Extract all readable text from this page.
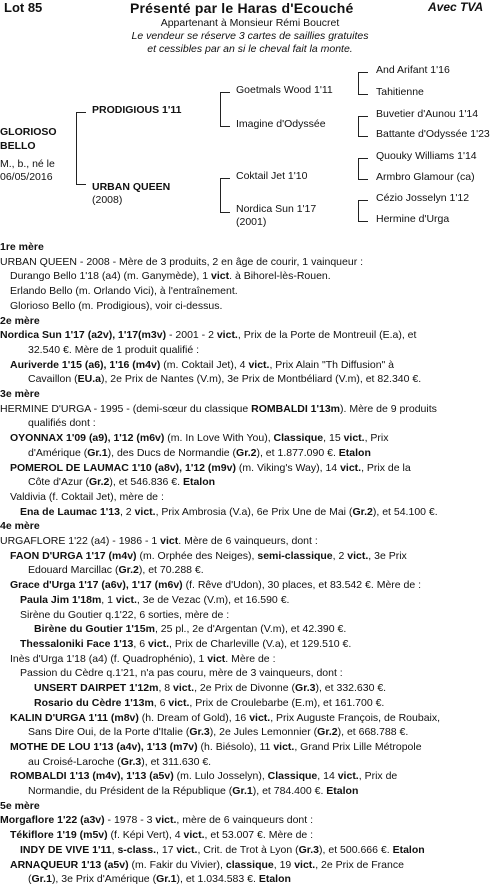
Lot 85	Présenté par le Haras d'Ecouché	Avec TVA
Appartenant à Monsieur Rémi Boucret
Le vendeur se réserve 3 cartes de saillies gratuites
et cessibles par an si le cheval fait la monte.
GLORIOSO
BELLO
M., b., né le
06/05/2016
PRODIGIOUS 1'11
URBAN QUEEN
(2008)
Goetmals Wood 1'11
Imagine d'Odyssée
Coktail Jet 1'10
Nordica Sun 1'17
(2001)
And Arifant 1'16
Tahitienne
Buvetier d'Aunou 1'14
Battante d'Odyssée 1'23
Quouky Williams 1'14
Armbro Glamour (ca)
Cézio Josselyn 1'12
Hermine d'Urga
1re mère
URBAN QUEEN - 2008 - Mère de 3 produits, 2 en âge de courir, 1 vainqueur :
Durango Bello 1'18 (a4) (m. Ganymède), 1 vict. à Bihorel-lès-Rouen.
Erlando Bello (m. Orlando Vici), à l'entraînement.
Glorioso Bello (m. Prodigious), voir ci-dessus.
2e mère
Nordica Sun 1'17 (a2v), 1'17(m3v) - 2001 - 2 vict., Prix de la Porte de Montreuil (E.a), et
32.540 €. Mère de 1 produit qualifié :
Auriverde 1'15 (a6), 1'16 (m4v) (m. Coktail Jet), 4 vict., Prix Alain "Th Diffusion" à
Cavaillon (EU.a), 2e Prix de Nantes (V.m), 3e Prix de Montbéliard (V.m), et 82.340 €.
3e mère
HERMINE D'URGA - 1995 - (demi-sœur du classique ROMBALDI 1'13m). Mère de 9 produits
qualifiés dont :
OYONNAX 1'09 (a9), 1'12 (m6v) (m. In Love With You), Classique, 15 vict., Prix
d'Amérique (Gr.1), des Ducs de Normandie (Gr.2), et 1.877.090 €. Etalon
POMEROL DE LAUMAC 1'10 (a8v), 1'12 (m9v) (m. Viking's Way), 14 vict., Prix de la
Côte d'Azur (Gr.2), et 546.836 €. Etalon
Valdivia (f. Coktail Jet), mère de :
Ena de Laumac 1'13, 2 vict., Prix Ambrosia (V.a), 6e Prix Une de Mai (Gr.2), et 54.100 €.
4e mère
URGAFLORE 1'22 (a4) - 1986 - 1 vict. Mère de 6 vainqueurs, dont :
FAON D'URGA 1'17 (m4v) (m. Orphée des Neiges), semi-classique, 2 vict., 3e Prix
Edouard Marcillac (Gr.2), et 70.288 €.
Grace d'Urga 1'17 (a6v), 1'17 (m6v) (f. Rêve d'Udon), 30 places, et 83.542 €. Mère de :
Paula Jim 1'18m, 1 vict., 3e de Vezac (V.m), et 16.590 €.
Sirène du Goutier q.1'22, 6 sorties, mère de :
Birène du Goutier 1'15m, 25 pl., 2e d'Argentan (V.m), et 42.390 €.
Thessaloniki Face 1'13, 6 vict., Prix de Charleville (V.a), et 129.510 €.
Inès d'Urga 1'18 (a4) (f. Quadrophénio), 1 vict. Mère de :
Passion du Cèdre q.1'21, n'a pas couru, mère de 3 vainqueurs, dont :
UNSERT DAIRPET 1'12m, 8 vict., 2e Prix de Divonne (Gr.3), et 332.630 €.
Rosario du Cèdre 1'13m, 6 vict., Prix de Croulebarbe (E.m), et 161.700 €.
KALIN D'URGA 1'11 (m8v) (h. Dream of Gold), 16 vict., Prix Auguste François, de Roubaix,
Sans Dire Oui, de la Porte d'Italie (Gr.3), 2e Jules Lemonnier (Gr.2), et 668.788 €.
MOTHE DE LOU 1'13 (a4v), 1'13 (m7v) (h. Biésolo), 11 vict., Grand Prix Lille Métropole
au Croisé-Laroche (Gr.3), et 311.630 €.
ROMBALDI 1'13 (m4v), 1'13 (a5v) (m. Lulo Josselyn), Classique, 14 vict., Prix de
Normandie, du Président de la République (Gr.1), et 784.400 €. Etalon
5e mère
Morgaflore 1'22 (a3v) - 1978 - 3 vict., mère de 6 vainqueurs dont :
Tékiflore 1'19 (m5v) (f. Képi Vert), 4 vict., et 53.007 €. Mère de :
INDY DE VIVE 1'11, s-class., 17 vict., Crit. de Trot à Lyon (Gr.3), et 500.666 €. Etalon
ARNAQUEUR 1'13 (a5v) (m. Fakir du Vivier), classique, 19 vict., 2e Prix de France
(Gr.1), 3e Prix d'Amérique (Gr.1), et 1.034.583 €. Etalon
